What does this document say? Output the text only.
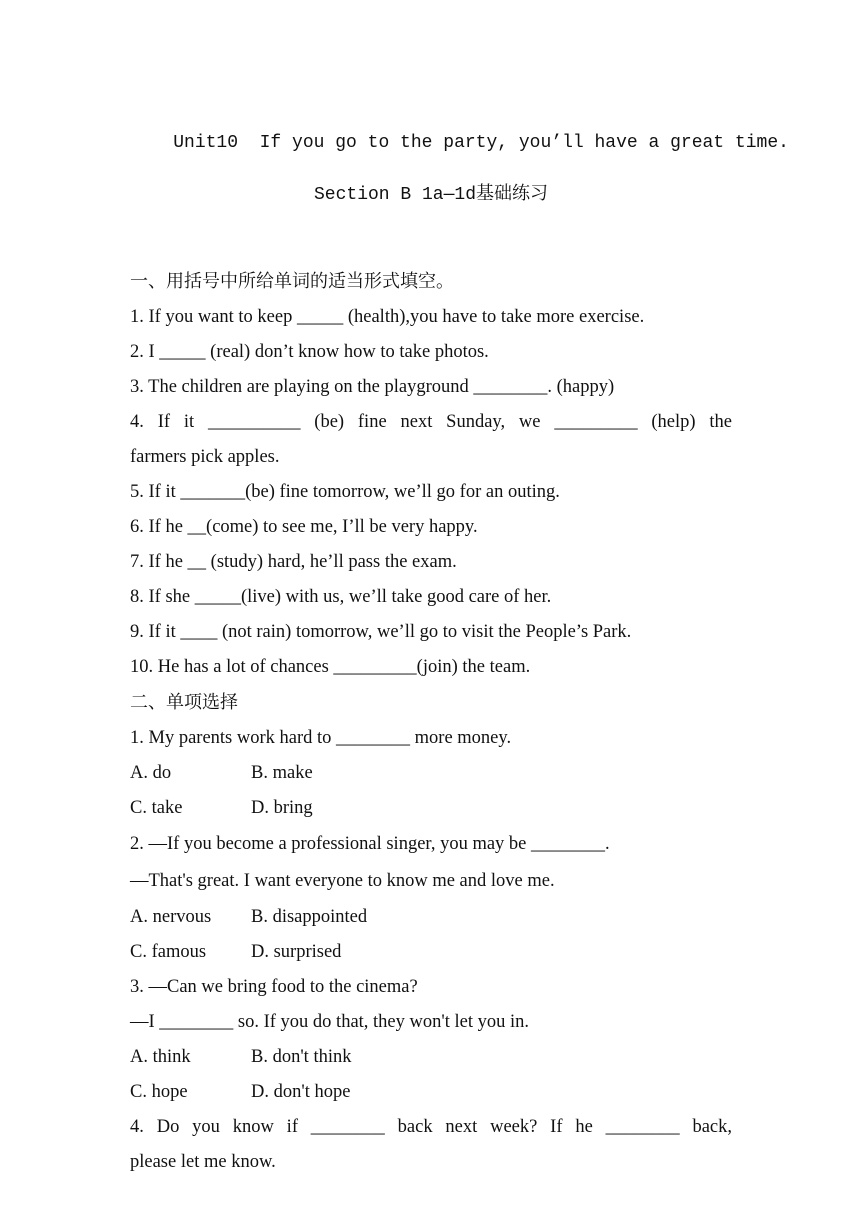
Unit10  If you go to the party, you’ll have a great time.

Section B 1a—1d基础练习

一、用括号中所给单词的适当形式填空。
1. If you want to keep _____ (health),you have to take more exercise.
2. I _____ (real) don’t know how to take photos.
3. The children are playing on the playground ________. (happy)
4. If it __________ (be) fine next Sunday, we _________ (help) the
farmers pick apples.
5. If it _______(be) fine tomorrow, we’ll go for an outing.
6. If he __(come) to see me, I’ll be very happy.
7. If he __ (study) hard, he’ll pass the exam.
8. If she _____(live) with us, we’ll take good care of her.
9. If it ____ (not rain) tomorrow, we’ll go to visit the People’s Park.
10. He has a lot of chances _________(join) the team.
二、单项选择
1. My parents work hard to ________ more money.
A. do	B. make
C. take	D. bring
2. —If you become a professional singer, you may be ________.
—That's great. I want everyone to know me and love me.
A. nervous	B. disappointed
C. famous	D. surprised
3. —Can we bring food to the cinema?
—I ________ so. If you do that, they won't let you in.
A. think	B. don't think
C. hope	D. don't hope
4. Do you know if ________ back next week? If he ________ back,
please let me know.
